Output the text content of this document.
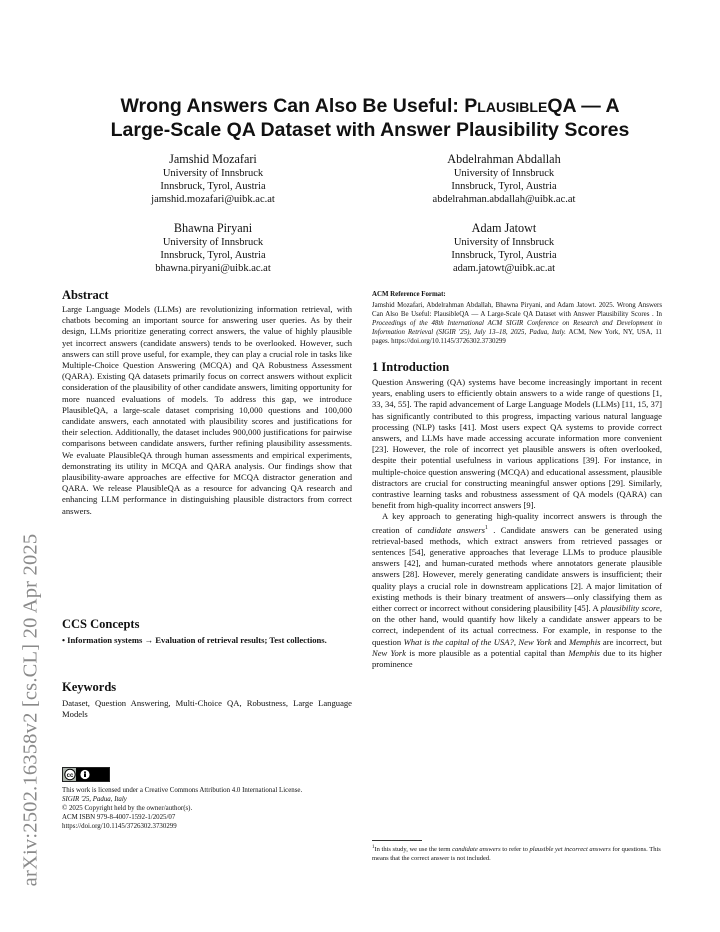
arXiv:2502.16358v2 [cs.CL] 20 Apr 2025
Wrong Answers Can Also Be Useful: PlausibleQA — A
Large-Scale QA Dataset with Answer Plausibility Scores
Jamshid Mozafari
University of Innsbruck
Innsbruck, Tyrol, Austria
jamshid.mozafari@uibk.ac.at
Abdelrahman Abdallah
University of Innsbruck
Innsbruck, Tyrol, Austria
abdelrahman.abdallah@uibk.ac.at
Bhawna Piryani
University of Innsbruck
Innsbruck, Tyrol, Austria
bhawna.piryani@uibk.ac.at
Adam Jatowt
University of Innsbruck
Innsbruck, Tyrol, Austria
adam.jatowt@uibk.ac.at
Abstract

Large Language Models (LLMs) are revolutionizing information retrieval, with chatbots becoming an important source for answering user queries. As by their design, LLMs prioritize generating correct answers, the value of highly plausible yet incorrect answers (candidate answers) tends to be overlooked. However, such answers can still prove useful, for example, they can play a crucial role in tasks like Multiple-Choice Question Answering (MCQA) and QA Robustness Assessment (QARA). Existing QA datasets primarily focus on correct answers without explicit consideration of the plausibility of other candidate answers, limiting opportunity for more nuanced evaluations of models. To address this gap, we introduce PlausibleQA, a large-scale dataset comprising 10,000 questions and 100,000 candidate answers, each annotated with plausibility scores and justifications for their selection. Additionally, the dataset includes 900,000 justifications for pairwise comparisons between candidate answers, further refining plausibility assessments. We evaluate PlausibleQA through human assessments and empirical experiments, demonstrating its utility in MCQA and QARA analysis. Our findings show that plausibility-aware approaches are effective for MCQA distractor generation and QARA. We release PlausibleQA as a resource for advancing QA research and enhancing LLM performance in distinguishing plausible distractors from correct answers.

CCS Concepts

• Information systems → Evaluation of retrieval results; Test collections.

Keywords

Dataset, Question Answering, Multi-Choice QA, Robustness, Large Language Models

cc
This work is licensed under a Creative Commons Attribution 4.0 International License.
SIGIR '25, Padua, Italy
© 2025 Copyright held by the owner/author(s).
ACM ISBN 979-8-4007-1592-1/2025/07
https://doi.org/10.1145/3726302.3730299
ACM Reference Format:
Jamshid Mozafari, Abdelrahman Abdallah, Bhawna Piryani, and Adam Jatowt. 2025. Wrong Answers Can Also Be Useful: PlausibleQA — A Large-Scale QA Dataset with Answer Plausibility Scores . In Proceedings of the 48th International ACM SIGIR Conference on Research and Development in Information Retrieval (SIGIR '25), July 13–18, 2025, Padua, Italy. ACM, New York, NY, USA, 11 pages. https://doi.org/10.1145/3726302.3730299
1 Introduction

Question Answering (QA) systems have become increasingly important in recent years, enabling users to efficiently obtain answers to a wide range of questions [1, 33, 34, 55]. The rapid advancement of Large Language Models (LLMs) [11, 15, 37] has significantly contributed to this progress, impacting various natural language processing (NLP) tasks [41]. Most users expect QA systems to provide correct answers, and LLMs have made accessing accurate information more convenient [23]. However, the role of incorrect yet plausible answers is often overlooked, despite their potential usefulness in various applications [39]. For instance, in multiple-choice question answering (MCQA) and educational assessment, plausible distractors are crucial for constructing meaningful answer options [29]. Similarly, contrastive learning tasks and robustness assessment of QA models (QARA) can benefit from high-quality incorrect answers [9].

A key approach to generating high-quality incorrect answers is through the creation of candidate answers$^1$ . Candidate answers can be generated using retrieval-based methods, which extract answers from retrieved passages or sentences [54], generative approaches that leverage LLMs to produce plausible answers [42], and human-curated methods where annotators generate plausible answers [28]. However, merely generating candidate answers is insufficient; their quality plays a crucial role in downstream applications [2]. A major limitation of existing methods is their binary treatment of answers—only classifying them as either correct or incorrect without considering plausibility [45]. A plausibility score, on the other hand, would quantify how likely a candidate answer appears to be correct, independent of its actual correctness. For example, in response to the question What is the capital of the USA?, New York and Memphis are incorrect, but New York is more plausible as a potential capital than Memphis due to its higher prominence

$^1$In this study, we use the term candidate answers to refer to plausible yet incorrect answers for questions. This means that the correct answer is not included.
